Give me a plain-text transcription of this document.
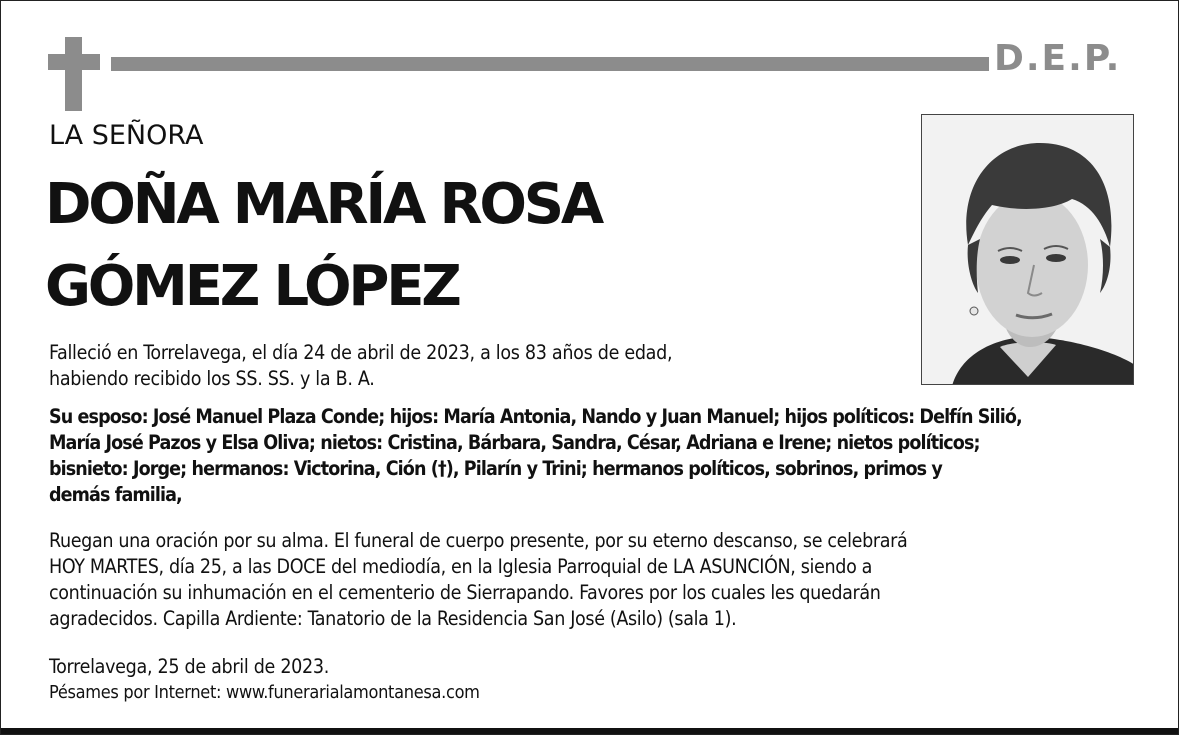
D.E.P.
LA SEÑORA
DOÑA MARÍA ROSA
GÓMEZ LÓPEZ

Falleció en Torrelavega, el día 24 de abril de 2023, a los 83 años de edad,

habiendo recibido los SS. SS. y la B. A.

Su esposo: José Manuel Plaza Conde; hijos: María Antonia, Nando y Juan Manuel; hijos políticos: Delfín Silió,

María José Pazos y Elsa Oliva; nietos: Cristina, Bárbara, Sandra, César, Adriana e Irene; nietos políticos;

bisnieto: Jorge; hermanos: Victorina, Ción (†), Pilarín y Trini; hermanos políticos, sobrinos, primos y

demás familia,

Ruegan una oración por su alma. El funeral de cuerpo presente, por su eterno descanso, se celebrará

HOY MARTES, día 25, a las DOCE del mediodía, en la Iglesia Parroquial de LA ASUNCIÓN, siendo a

continuación su inhumación en el cementerio de Sierrapando. Favores por los cuales les quedarán

agradecidos. Capilla Ardiente: Tanatorio de la Residencia San José (Asilo) (sala 1).

Torrelavega, 25 de abril de 2023.

Pésames por Internet: www.funerarialamontanesa.com
